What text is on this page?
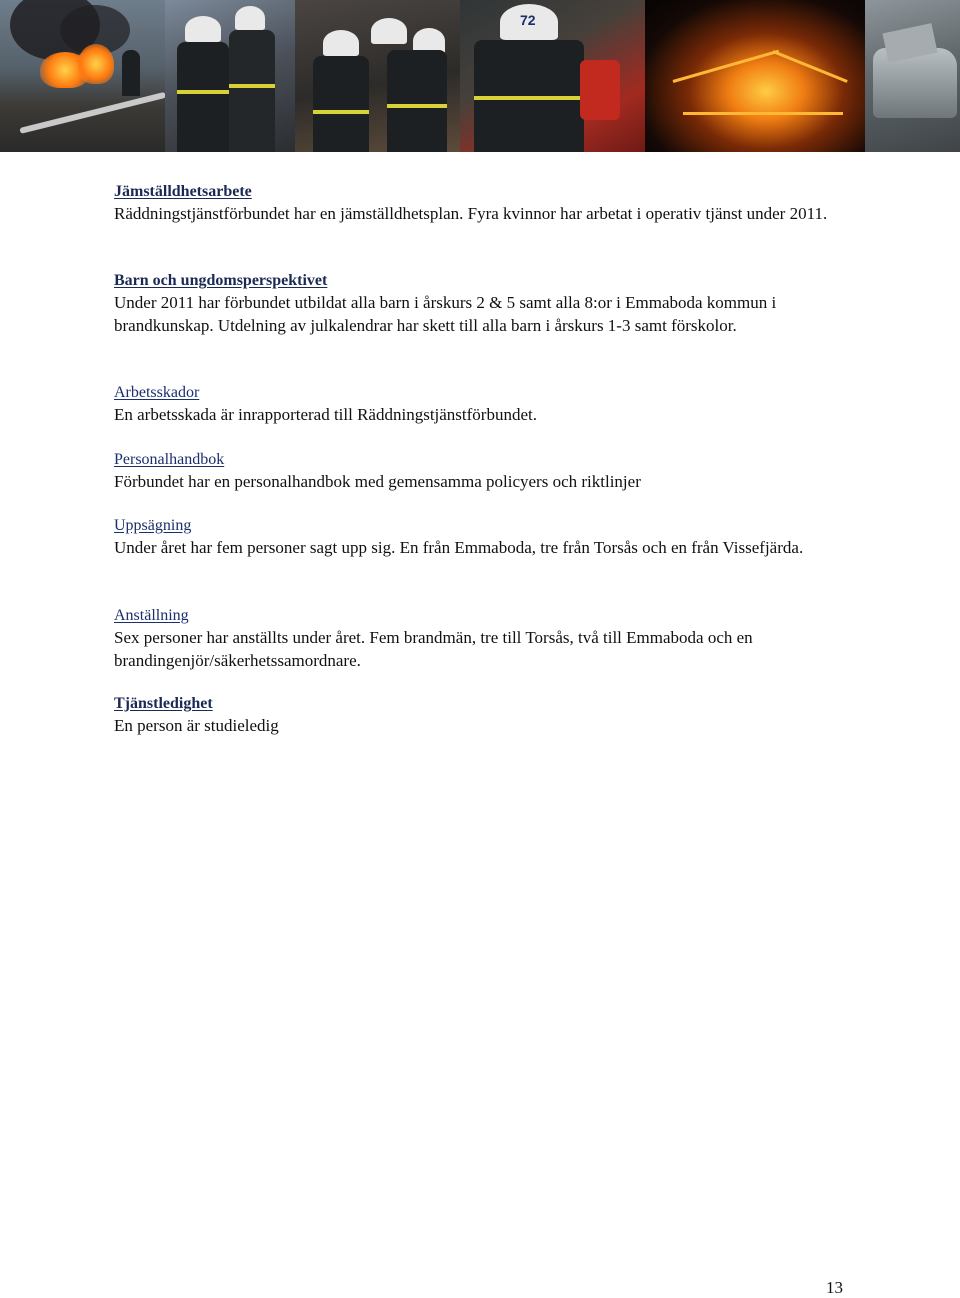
72
Jämställdhetsarbete
Räddningstjänstförbundet har en jämställdhetsplan. Fyra kvinnor har arbetat i operativ tjänst under 2011.
Barn och ungdomsperspektivet
Under 2011 har förbundet utbildat alla barn i årskurs 2 & 5 samt alla 8:or i Emmaboda kommun i brandkunskap. Utdelning av julkalendrar har skett till alla barn i årskurs 1-3 samt förskolor.
Arbetsskador
En arbetsskada är inrapporterad till Räddningstjänstförbundet.
Personalhandbok
Förbundet har en personalhandbok med gemensamma policyers och riktlinjer
Uppsägning
Under året har fem personer sagt upp sig. En från Emmaboda, tre från Torsås och en från Vissefjärda.
Anställning
Sex personer har anställts under året. Fem brandmän, tre till Torsås, två till Emmaboda och en brandingenjör/säkerhetssamordnare.
Tjänstledighet
En person är studieledig
13
